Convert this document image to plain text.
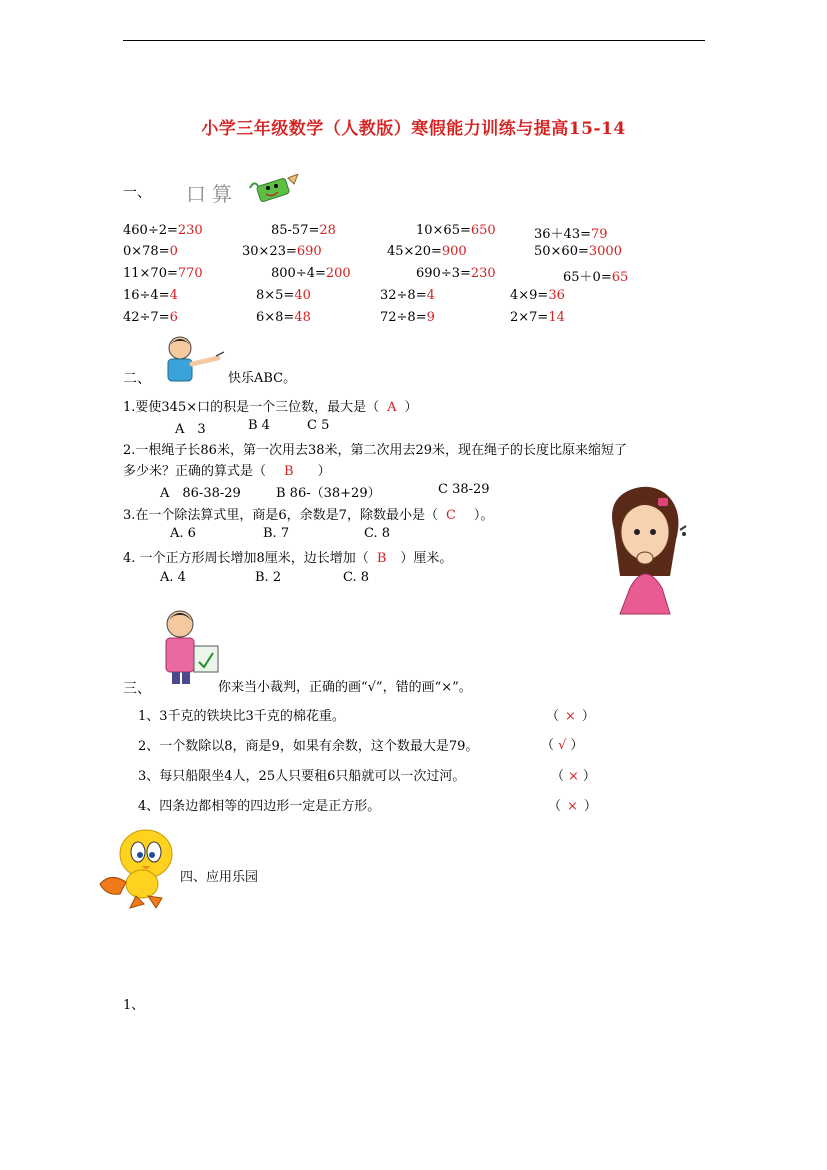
小学三年级数学（人教版）寒假能力训练与提高15-14
一、 口算
460÷2=230	85-57=28	10×65=650	36＋43=79
0×78=0	30×23=690	45×20=900	50×60=3000
11×70=770	800÷4=200	690÷3=230	65＋0=65
16÷4=4	8×5=40	32÷8=4	4×9=36
42÷7=6	6×8=48	72÷8=9	2×7=14
二、	快乐ABC。
1.要使345×口的积是一个三位数，最大是（ A ）
A　3	B 4	C 5
2.一根绳子长86米，第一次用去38米，第二次用去29米，现在绳子的长度比原来缩短了
多少米？正确的算式是（ B ）
A　86-38-29	B 86-（38+29）	C 38-29
3.在一个除法算式里，商是6，余数是7，除数最小是（ C ）。
A. 6	B. 7	C. 8
4. 一个正方形周长增加8厘米，边长增加（ B ）厘米。
A. 4	B. 2	C. 8
三、	你来当小裁判，正确的画“√”，错的画“×”。
1、3千克的铁块比3千克的棉花重。	（ × ）
2、一个数除以8，商是9，如果有余数，这个数最大是79。	（ √ ）
3、每只船限坐4人，25人只要租6只船就可以一次过河。	（ × ）
4、四条边都相等的四边形一定是正方形。	（ × ）
四、应用乐园
1、
